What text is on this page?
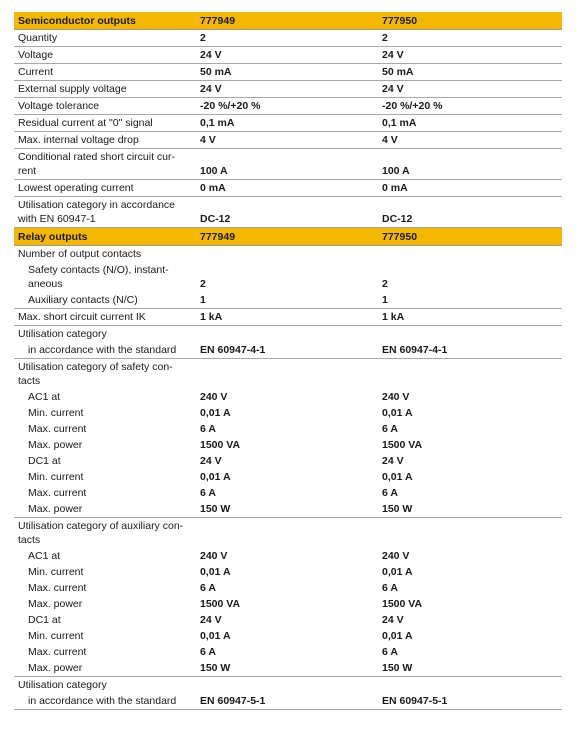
Semiconductor outputs	777949	777950
Quantity	2	2
Voltage	24 V	24 V
Current	50 mA	50 mA
External supply voltage	24 V	24 V
Voltage tolerance	-20 %/+20 %	-20 %/+20 %
Residual current at "0" signal	0,1 mA	0,1 mA
Max. internal voltage drop	4 V	4 V

Conditional rated short circuit cur-
rent	100 A	100 A
Lowest operating current	0 mA	0 mA

Utilisation category in accordance
with EN 60947-1	DC-12	DC-12
Relay outputs	777949	777950
Number of output contacts		

Safety contacts (N/O), instant-
aneous	2	2
Auxiliary contacts (N/C)	1	1
Max. short circuit current IK	1 kA	1 kA
Utilisation category		
in accordance with the standard	EN 60947-4-1	EN 60947-4-1

Utilisation category of safety con-
tacts		

AC1 at	240 V	240 V
Min. current	0,01 A	0,01 A
Max. current	6 A	6 A
Max. power	1500 VA	1500 VA
DC1 at	24 V	24 V
Min. current	0,01 A	0,01 A
Max. current	6 A	6 A
Max. power	150 W	150 W

Utilisation category of auxiliary con-
tacts		

AC1 at	240 V	240 V
Min. current	0,01 A	0,01 A
Max. current	6 A	6 A
Max. power	1500 VA	1500 VA
DC1 at	24 V	24 V
Min. current	0,01 A	0,01 A
Max. current	6 A	6 A
Max. power	150 W	150 W
Utilisation category		
in accordance with the standard	EN 60947-5-1	EN 60947-5-1
